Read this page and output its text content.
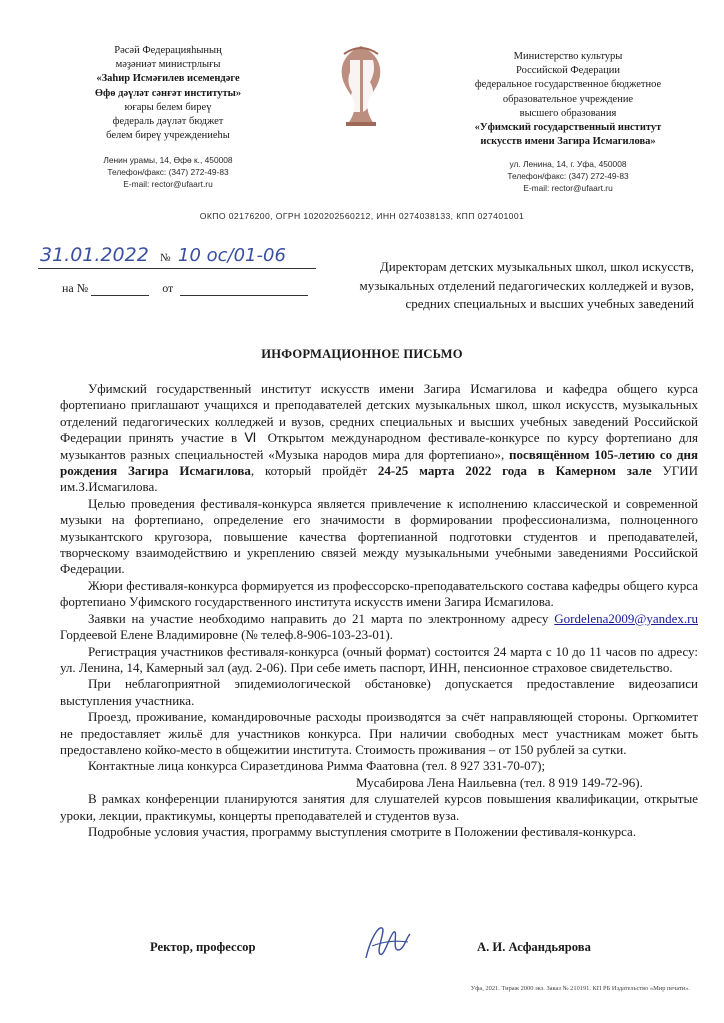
Рәсәй Федерацияһының
мәҙәниәт министрлығы
«Заһир Исмәғилев исемендәге
Өфө дәүләт сәнғәт институты»
юғары белем биреү
федераль дәүләт бюджет
белем биреү учреждениеһы
Ленин урамы, 14, Өфө к., 450008
Телефон/факс: (347) 272-49-83
E-mail: rector@ufaart.ru
Министерство культуры
Российской Федерации
федеральное государственное бюджетное
образовательное учреждение
высшего образования
«Уфимский государственный институт
искусств имени Загира Исмагилова»
ул. Ленина, 14, г. Уфа, 450008
Телефон/факс: (347) 272-49-83
E-mail: rector@ufaart.ru
ОКПО 02176200, ОГРН 1020202560212, ИНН 0274038133, КПП 027401001
31.01.2022 № 10 ос/01-06
на №	от
Директорам детских музыкальных школ, школ искусств,
музыкальных отделений педагогических колледжей и вузов,
средних специальных и высших учебных заведений
ИНФОРМАЦИОННОЕ ПИСЬМО

Уфимский государственный институт искусств имени Загира Исмагилова и кафедра общего курса фортепиано приглашают учащихся и преподавателей детских музыкальных школ, школ искусств, музыкальных отделений педагогических колледжей и вузов, средних специальных и высших учебных заведений Российской Федерации принять участие в Ⅵ Открытом международном фестивале-конкурсе по курсу фортепиано для музыкантов разных специальностей «Музыка народов мира для фортепиано», посвящённом 105-летию со дня рождения Загира Исмагилова, который пройдёт 24-25 марта 2022 года в Камерном зале УГИИ им.З.Исмагилова.

Целью проведения фестиваля-конкурса является привлечение к исполнению классической и современной музыки на фортепиано, определение его значимости в формировании профессионализма, полноценного музыкантского кругозора, повышение качества фортепианной подготовки студентов и преподавателей, творческому взаимодействию и укреплению связей между музыкальными учебными заведениями Российской Федерации.

Жюри фестиваля-конкурса формируется из профессорско-преподавательского состава кафедры общего курса фортепиано Уфимского государственного института искусств имени Загира Исмагилова.

Заявки на участие необходимо направить до 21 марта по электронному адресу Gordelena2009@yandex.ru Гордеевой Елене Владимировне (№ телеф.8-906-103-23-01).

Регистрация участников фестиваля-конкурса (очный формат) состоится 24 марта с 10 до 11 часов по адресу: ул. Ленина, 14, Камерный зал (ауд. 2-06). При себе иметь паспорт, ИНН, пенсионное страховое свидетельство.

При неблагоприятной эпидемиологической обстановке) допускается предоставление видеозаписи выступления участника.

Проезд, проживание, командировочные расходы производятся за счёт направляющей стороны. Оргкомитет не предоставляет жильё для участников конкурса. При наличии свободных мест участникам может быть предоставлено койко-место в общежитии института. Стоимость проживания – от 150 рублей за сутки.

Контактные лица конкурса Сиразетдинова Римма Фаатовна (тел. 8 927 331-70-07);

Мусабирова Лена Наильевна (тел. 8 919 149-72-96).

В рамках конференции планируются занятия для слушателей курсов повышения квалификации, открытые уроки, лекции, практикумы, концерты преподавателей и студентов вуза.

Подробные условия участия, программу выступления смотрите в Положении фестиваля-конкурса.

Ректор, профессор	А. И. Асфандьярова
Уфа, 2021. Тираж 2000 экз. Заказ № 210191. КП РБ Издательство «Мир печати».
